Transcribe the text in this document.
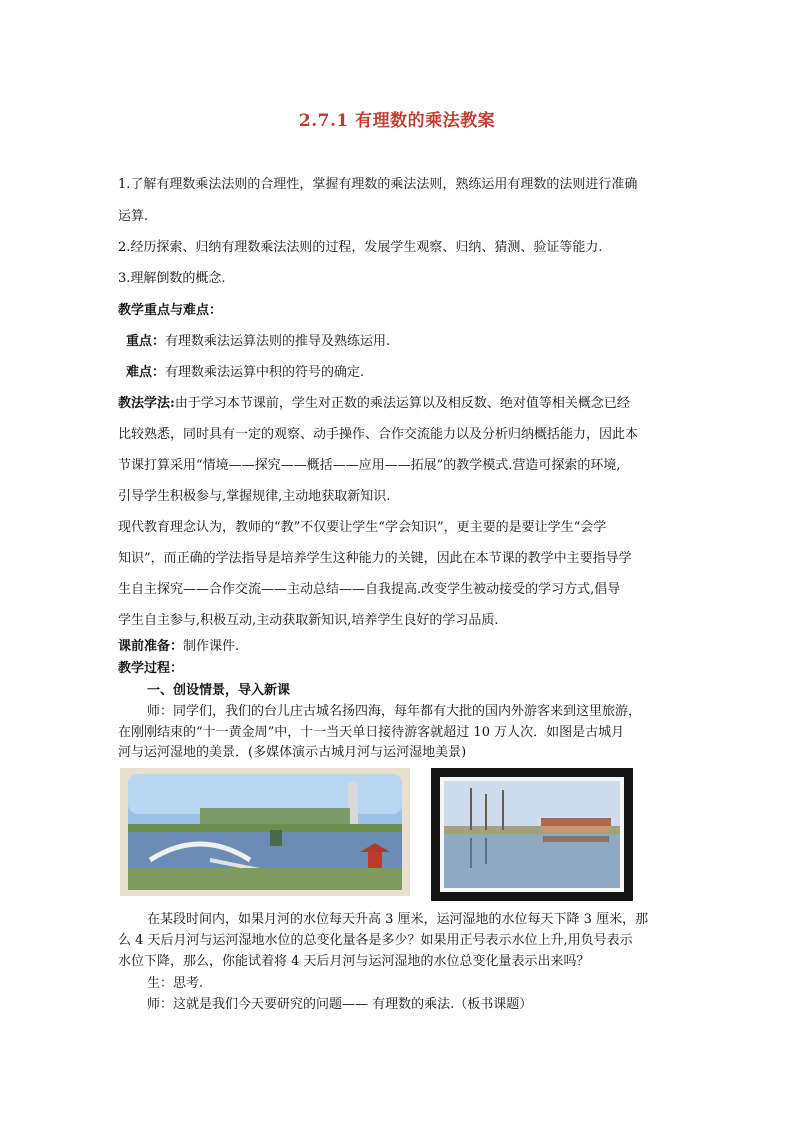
2.7.1 有理数的乘法教案
1.了解有理数乘法法则的合理性，掌握有理数的乘法法则，熟练运用有理数的法则进行准确
运算.
2.经历探索、归纳有理数乘法法则的过程，发展学生观察、归纳、猜测、验证等能力.
3.理解倒数的概念.
教学重点与难点：
重点：有理数乘法运算法则的推导及熟练运用.
难点：有理数乘法运算中积的符号的确定.
教法学法:由于学习本节课前，学生对正数的乘法运算以及相反数、绝对值等相关概念已经
比较熟悉，同时具有一定的观察、动手操作、合作交流能力以及分析归纳概括能力，因此本
节课打算采用“情境——探究——概括——应用——拓展”的教学模式.营造可探索的环境,
引导学生积极参与,掌握规律,主动地获取新知识.
现代教育理念认为，教师的“教”不仅要让学生“学会知识”，更主要的是要让学生“会学
知识”，而正确的学法指导是培养学生这种能力的关键，因此在本节课的教学中主要指导学
生自主探究——合作交流——主动总结——自我提高.改变学生被动接受的学习方式,倡导
学生自主参与,积极互动,主动获取新知识,培养学生良好的学习品质.
课前准备：制作课件.
教学过程：
一、创设情景，导入新课
师：同学们，我们的台儿庄古城名扬四海，每年都有大批的国内外游客来到这里旅游，
在刚刚结束的“十一黄金周”中，十一当天单日接待游客就超过 10 万人次．如图是古城月
河与运河湿地的美景．(多媒体演示古城月河与运河湿地美景)
在某段时间内，如果月河的水位每天升高 3 厘米，运河湿地的水位每天下降 3 厘米，那
么 4 天后月河与运河湿地水位的总变化量各是多少？如果用正号表示水位上升,用负号表示
水位下降，那么，你能试着将 4 天后月河与运河湿地的水位总变化量表示出来吗？
生：思考.
师：这就是我们今天要研究的问题—— 有理数的乘法.（板书课题）
